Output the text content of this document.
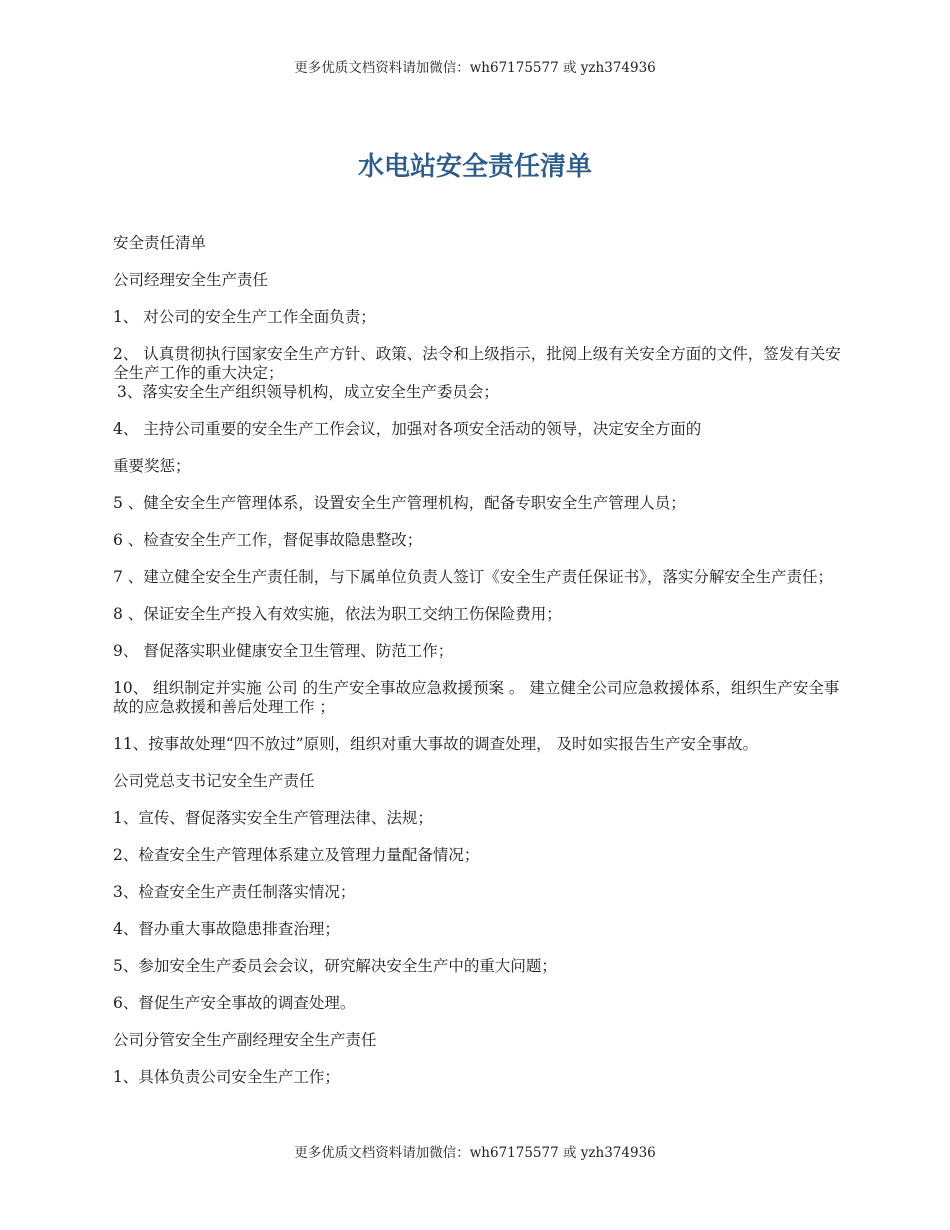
更多优质文档资料请加微信：wh67175577 或 yzh374936
水电站安全责任清单

安全责任清单

公司经理安全生产责任

1、 对公司的安全生产工作全面负责；

2、 认真贯彻执行国家安全生产方针、政策、法令和上级指示，批阅上级有关安全方面的文件，签发有关安全生产工作的重大决定；

3、落实安全生产组织领导机构，成立安全生产委员会；

4、 主持公司重要的安全生产工作会议，加强对各项安全活动的领导，决定安全方面的

重要奖惩；

5 、健全安全生产管理体系，设置安全生产管理机构，配备专职安全生产管理人员；

6 、检查安全生产工作，督促事故隐患整改；

7 、建立健全安全生产责任制，与下属单位负责人签订《安全生产责任保证书》，落实分解安全生产责任；

8 、保证安全生产投入有效实施，依法为职工交纳工伤保险费用；

9、 督促落实职业健康安全卫生管理、防范工作；

10、 组织制定并实施 公司 的生产安全事故应急救援预案 。 建立健全公司应急救援体系，组织生产安全事故的应急救援和善后处理工作 ；

11、按事故处理“四不放过”原则，组织对重大事故的调查处理， 及时如实报告生产安全事故。

公司党总支书记安全生产责任

1、宣传、督促落实安全生产管理法律、法规；

2、检查安全生产管理体系建立及管理力量配备情况；

3、检查安全生产责任制落实情况；

4、督办重大事故隐患排查治理；

5、参加安全生产委员会会议，研究解决安全生产中的重大问题；

6、督促生产安全事故的调查处理。

公司分管安全生产副经理安全生产责任

1、具体负责公司安全生产工作；

更多优质文档资料请加微信：wh67175577 或 yzh374936
